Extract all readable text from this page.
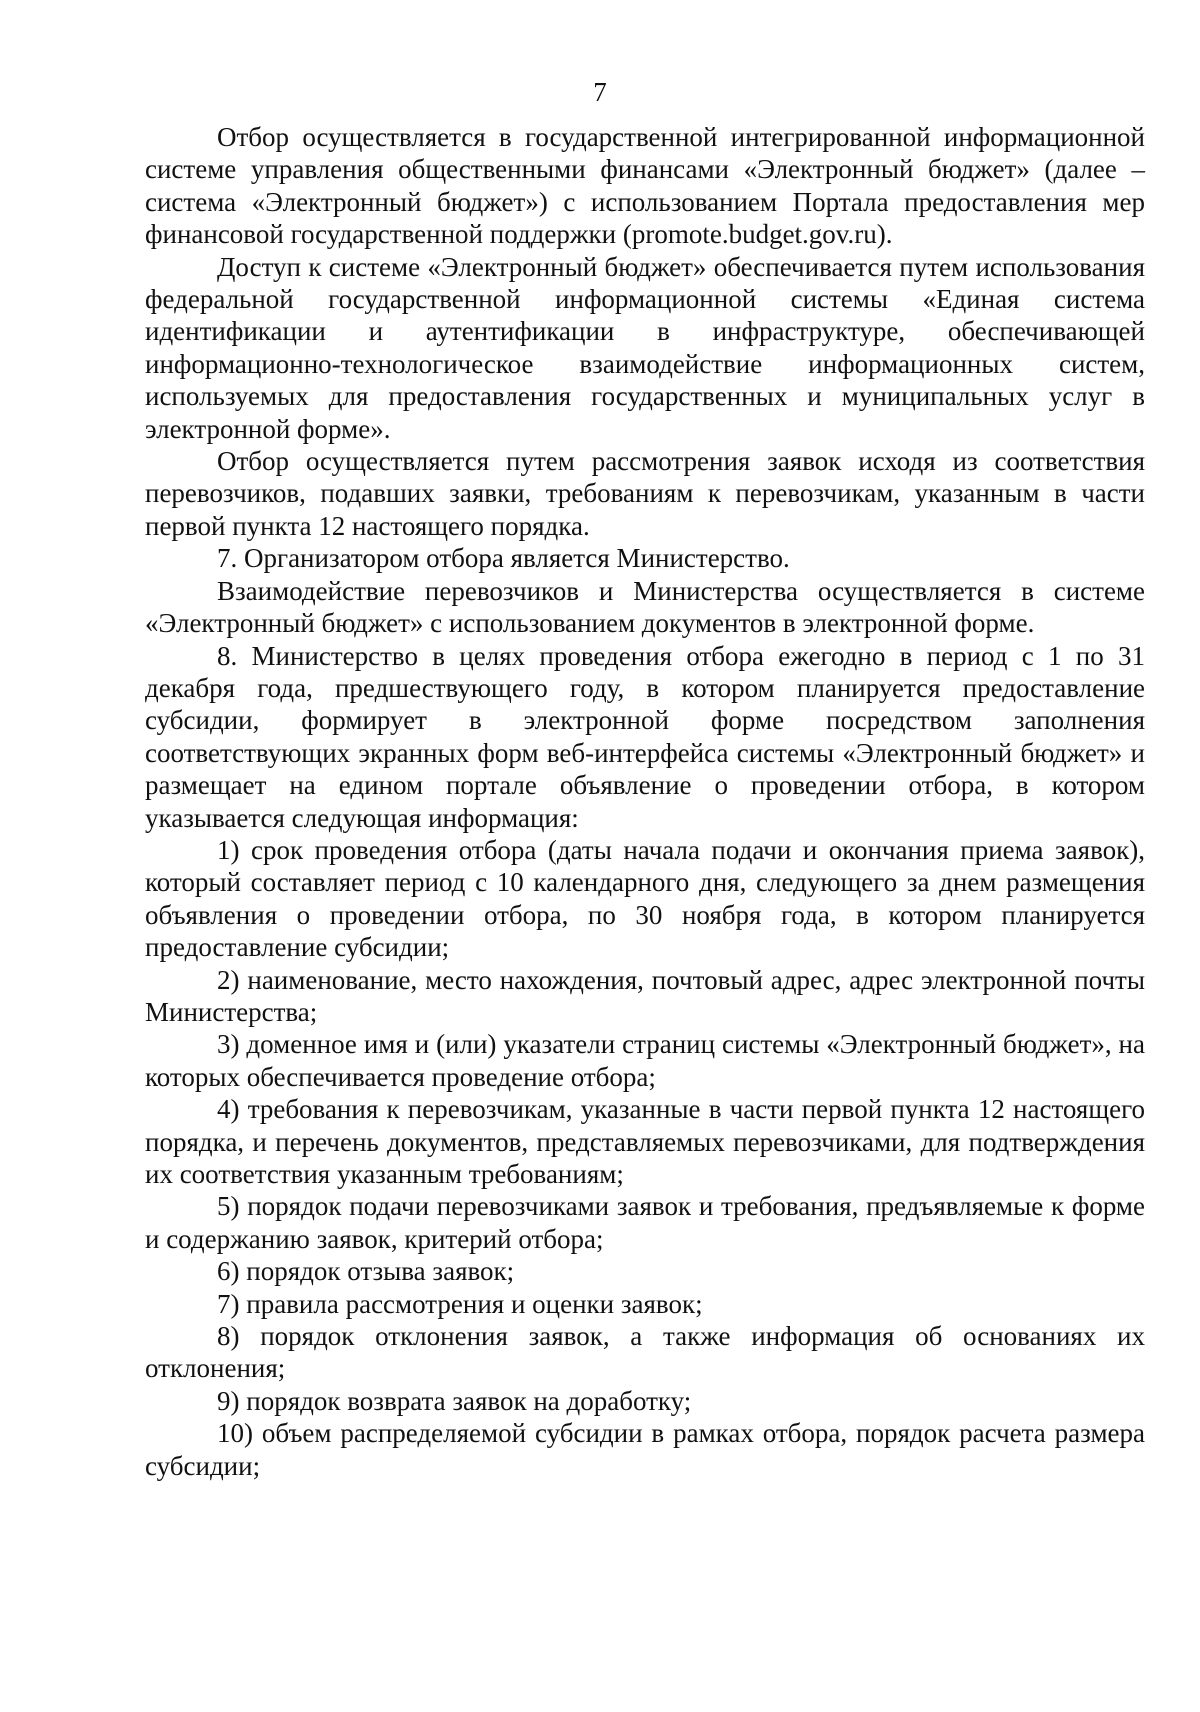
7

Отбор осуществляется в государственной интегрированной информационной системе управления общественными финансами «Электронный бюджет» (далее – система «Электронный бюджет») с использованием Портала предоставления мер финансовой государственной поддержки (promote.budget.gov.ru).

Доступ к системе «Электронный бюджет» обеспечивается путем использования федеральной государственной информационной системы «Единая система идентификации и аутентификации в инфраструктуре, обеспечивающей информационно-технологическое взаимодействие информационных систем, используемых для предоставления государственных и муниципальных услуг в электронной форме».

Отбор осуществляется путем рассмотрения заявок исходя из соответствия перевозчиков, подавших заявки, требованиям к перевозчикам, указанным в части первой пункта 12 настоящего порядка.

7. Организатором отбора является Министерство.

Взаимодействие перевозчиков и Министерства осуществляется в системе «Электронный бюджет» с использованием документов в электронной форме.

8. Министерство в целях проведения отбора ежегодно в период с 1 по 31 декабря года, предшествующего году, в котором планируется предоставление субсидии, формирует в электронной форме посредством заполнения соответствующих экранных форм веб-интерфейса системы «Электронный бюджет» и размещает на едином портале объявление о проведении отбора, в котором указывается следующая информация:

1) срок проведения отбора (даты начала подачи и окончания приема заявок), который составляет период с 10 календарного дня, следующего за днем размещения объявления о проведении отбора, по 30 ноября года, в котором планируется предоставление субсидии;

2) наименование, место нахождения, почтовый адрес, адрес электронной почты Министерства;

3) доменное имя и (или) указатели страниц системы «Электронный бюджет», на которых обеспечивается проведение отбора;

4) требования к перевозчикам, указанные в части первой пункта 12 настоящего порядка, и перечень документов, представляемых перевозчиками, для подтверждения их соответствия указанным требованиям;

5) порядок подачи перевозчиками заявок и требования, предъявляемые к форме и содержанию заявок, критерий отбора;

6) порядок отзыва заявок;

7) правила рассмотрения и оценки заявок;

8) порядок отклонения заявок, а также информация об основаниях их отклонения;

9) порядок возврата заявок на доработку;

10) объем распределяемой субсидии в рамках отбора, порядок расчета размера субсидии;
